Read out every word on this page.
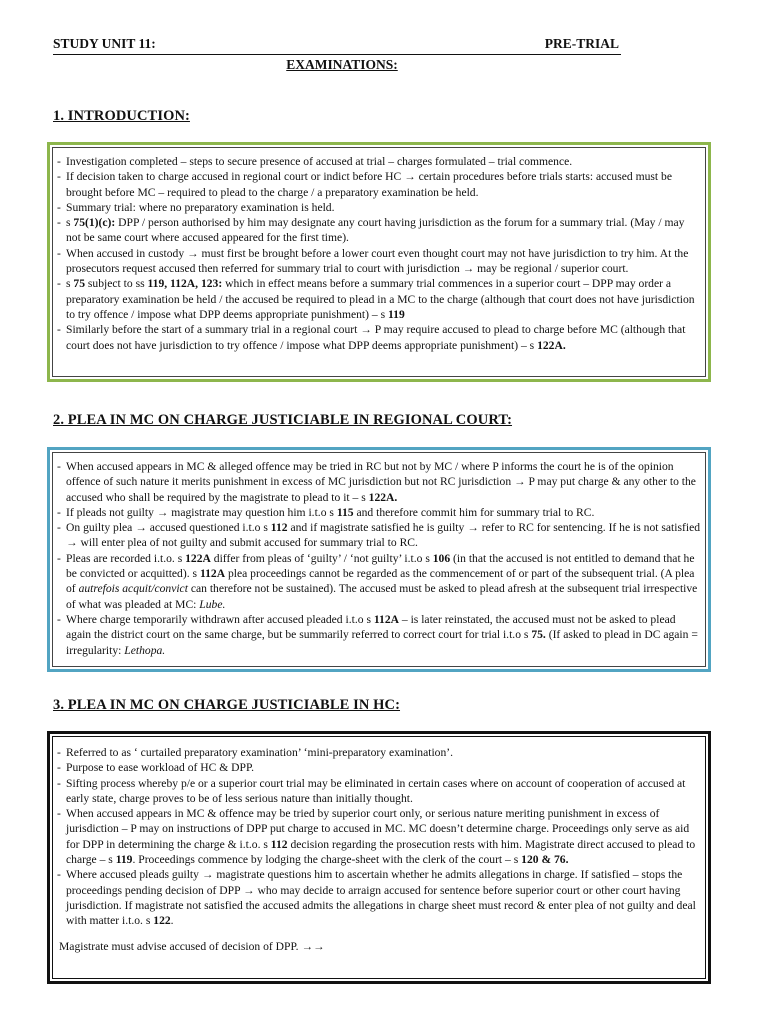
STUDY UNIT 11:	PRE-TRIAL
EXAMINATIONS:
1. INTRODUCTION:
- Investigation completed – steps to secure presence of accused at trial – charges formulated – trial commence.
- If decision taken to charge accused in regional court or indict before HC → certain procedures before trials starts: accused must be brought before MC – required to plead to the charge / a preparatory examination be held.
- Summary trial: where no preparatory examination is held.
- s 75(1)(c): DPP / person authorised by him may designate any court having jurisdiction as the forum for a summary trial. (May / may not be same court where accused appeared for the first time).
- When accused in custody → must first be brought before a lower court even thought court may not have jurisdiction to try him. At the prosecutors request accused then referred for summary trial to court with jurisdiction → may be regional / superior court.
- s 75 subject to ss 119, 112A, 123: which in effect means before a summary trial commences in a superior court – DPP may order a preparatory examination be held / the accused be required to plead in a MC to the charge (although that court does not have jurisdiction to try offence / impose what DPP deems appropriate punishment) – s 119
- Similarly before the start of a summary trial in a regional court → P may require accused to plead to charge before MC (although that court does not have jurisdiction to try offence / impose what DPP deems appropriate punishment) – s 122A.
2. PLEA IN MC ON CHARGE JUSTICIABLE IN REGIONAL COURT:
- When accused appears in MC & alleged offence may be tried in RC but not by MC / where P informs the court he is of the opinion offence of such nature it merits punishment in excess of MC jurisdiction but not RC jurisdiction → P may put charge & any other to the accused who shall be required by the magistrate to plead to it – s 122A.
- If pleads not guilty → magistrate may question him i.t.o s 115 and therefore commit him for summary trial to RC.
- On guilty plea → accused questioned i.t.o s 112 and if magistrate satisfied he is guilty → refer to RC for sentencing. If he is not satisfied → will enter plea of not guilty and submit accused for summary trial to RC.
- Pleas are recorded i.t.o. s 122A differ from pleas of ‘guilty’ / ‘not guilty’ i.t.o s 106 (in that the accused is not entitled to demand that he be convicted or acquitted). s 112A plea proceedings cannot be regarded as the commencement of or part of the subsequent trial. (A plea of autrefois acquit/convict can therefore not be sustained). The accused must be asked to plead afresh at the subsequent trial irrespective of what was pleaded at MC: Lube.
- Where charge temporarily withdrawn after accused pleaded i.t.o s 112A – is later reinstated, the accused must not be asked to plead again the district court on the same charge, but be summarily referred to correct court for trial i.t.o s 75. (If asked to plead in DC again = irregularity: Lethopa.
3. PLEA IN MC ON CHARGE JUSTICIABLE IN HC:
- Referred to as ‘ curtailed preparatory examination’ ‘mini-preparatory examination’.
- Purpose to ease workload of HC & DPP.
- Sifting process whereby p/e or a superior court trial may be eliminated in certain cases where on account of cooperation of accused at early state, charge proves to be of less serious nature than initially thought.
- When accused appears in MC & offence may be tried by superior court only, or serious nature meriting punishment in excess of jurisdiction – P may on instructions of DPP put charge to accused in MC. MC doesn’t determine charge. Proceedings only serve as aid for DPP in determining the charge & i.t.o. s 112 decision regarding the prosecution rests with him. Magistrate direct accused to plead to charge – s 119. Proceedings commence by lodging the charge-sheet with the clerk of the court – s 120 & 76.
- Where accused pleads guilty → magistrate questions him to ascertain whether he admits allegations in charge. If satisfied – stops the proceedings pending decision of DPP → who may decide to arraign accused for sentence before superior court or other court having jurisdiction. If magistrate not satisfied the accused admits the allegations in charge sheet must record & enter plea of not guilty and deal with matter i.t.o. s 122.
Magistrate must advise accused of decision of DPP. →→
